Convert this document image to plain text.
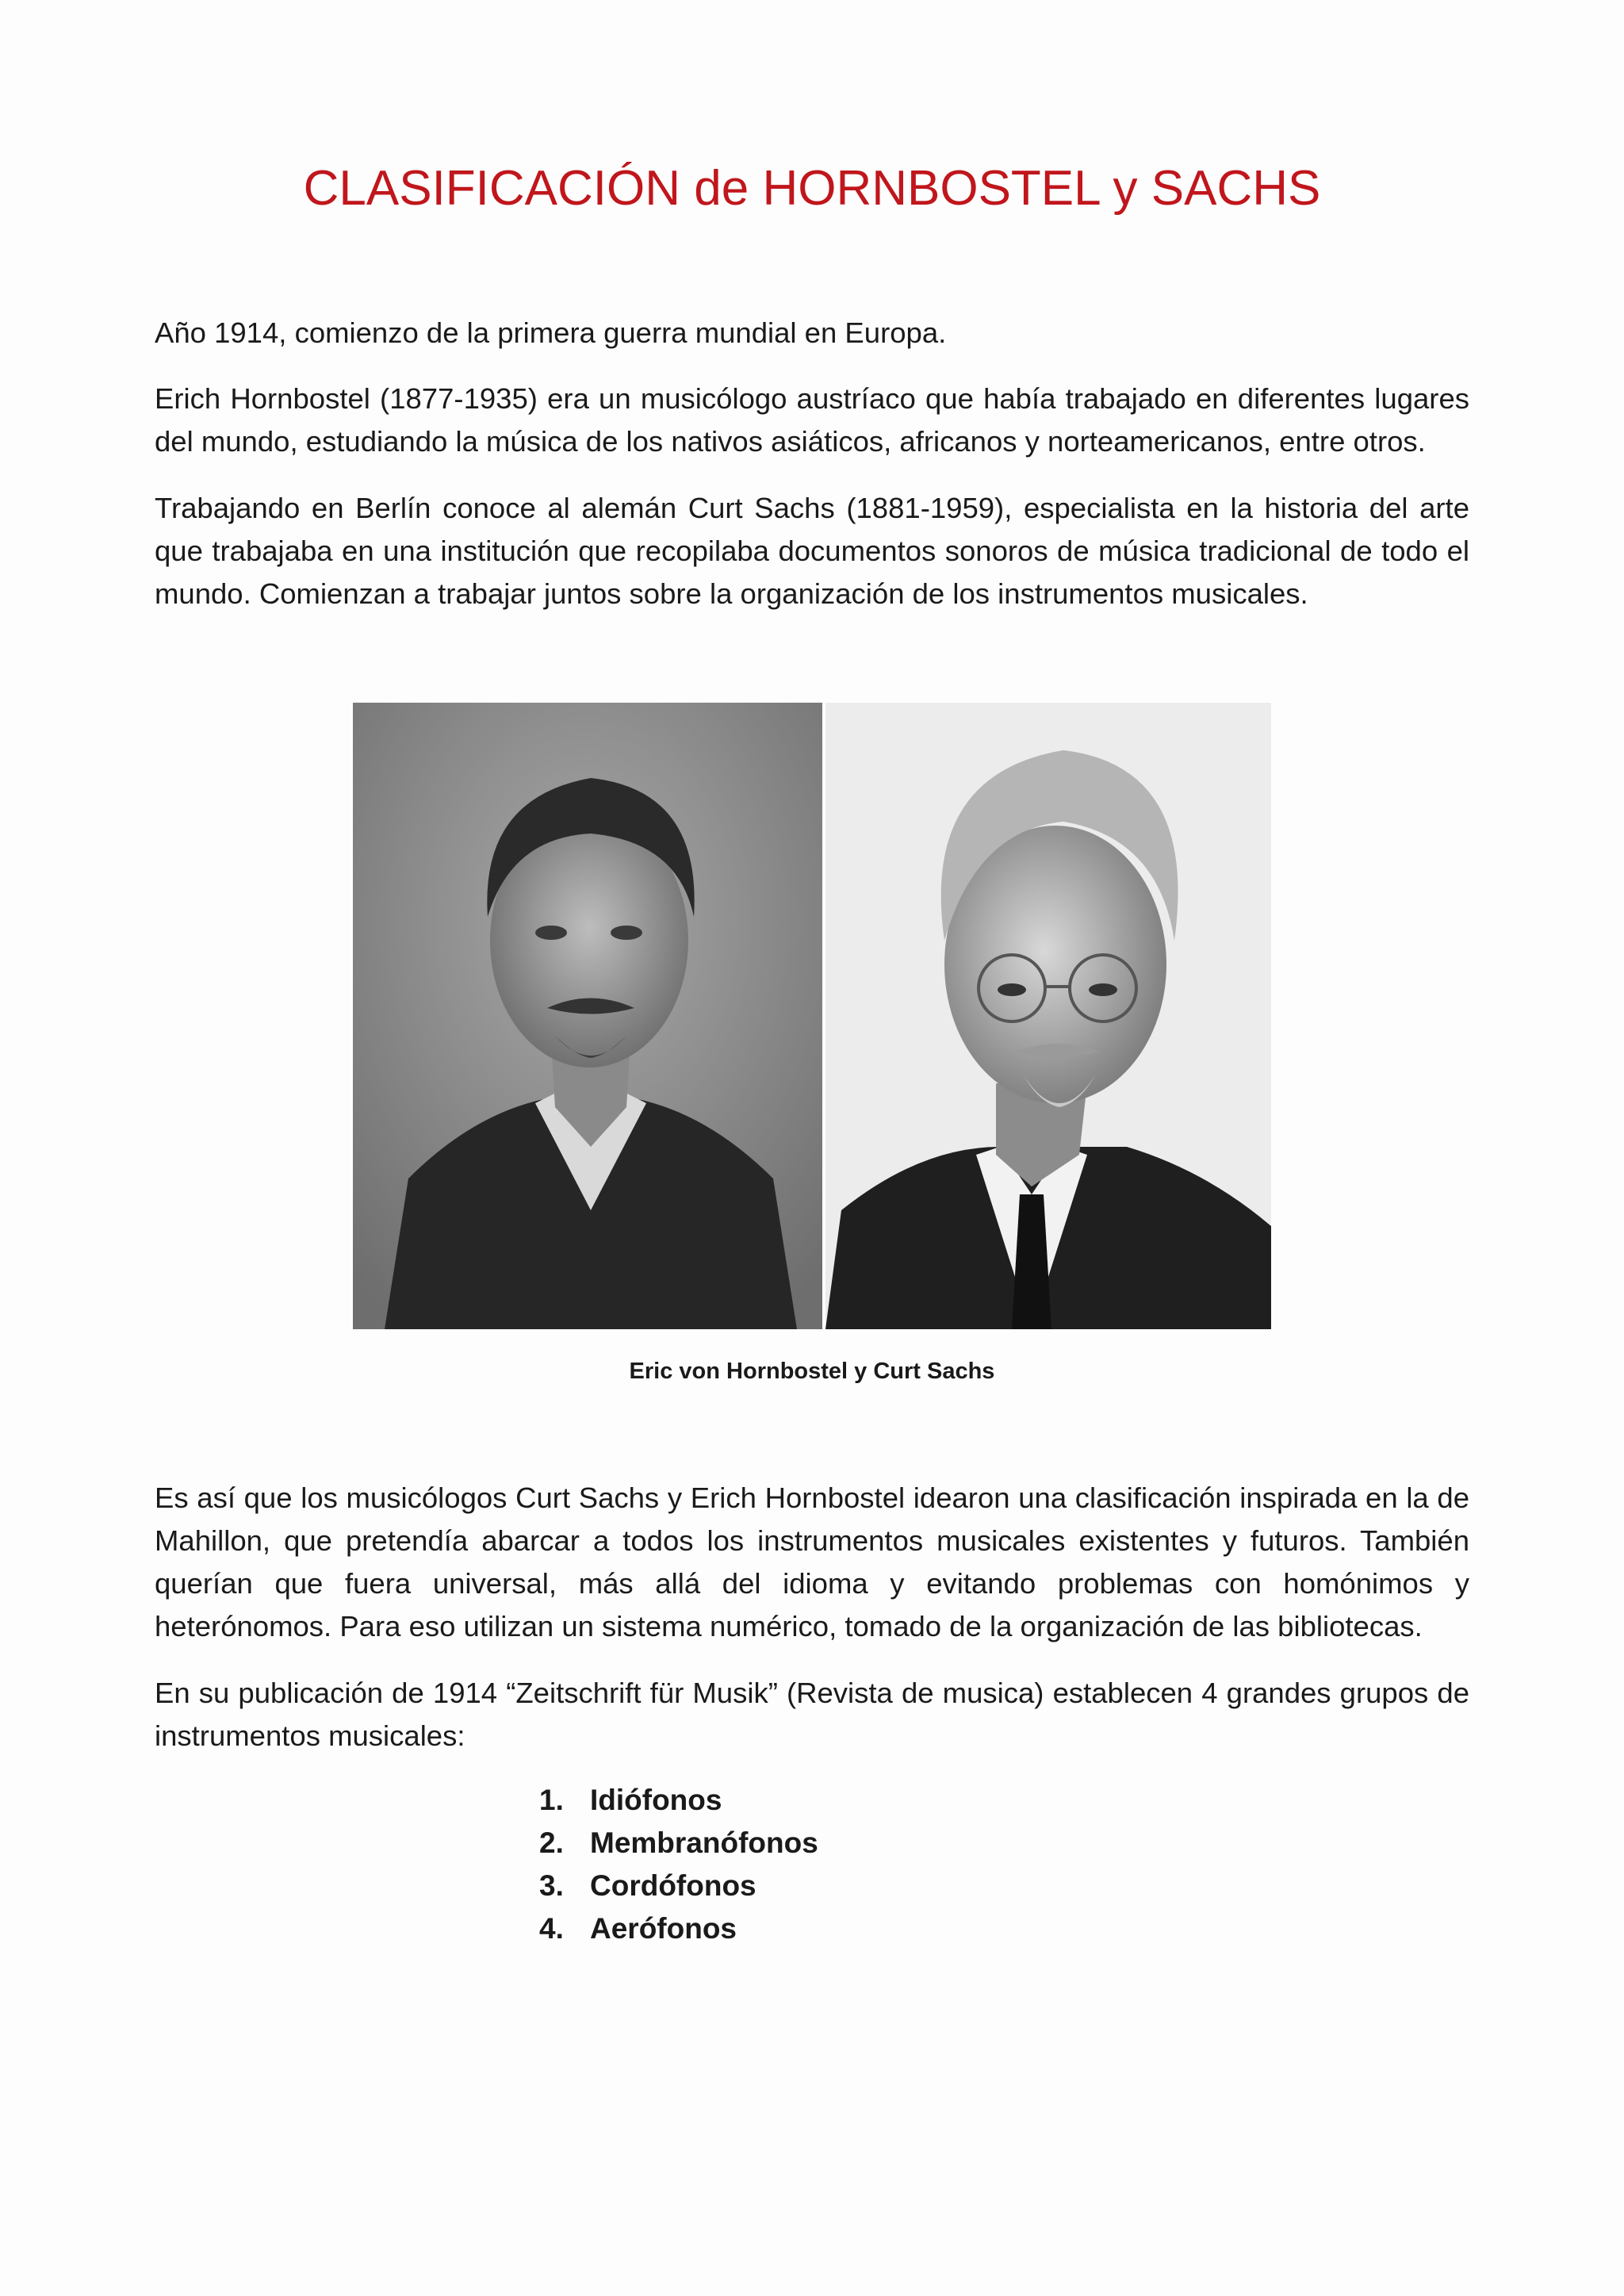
CLASIFICACIÓN de HORNBOSTEL y SACHS

Año 1914, comienzo de la primera guerra mundial en Europa.

Erich Hornbostel (1877-1935) era un musicólogo austríaco que había trabajado en diferentes lugares del mundo, estudiando la música de los nativos asiáticos, africanos y norteamericanos, entre otros.

Trabajando en Berlín conoce al alemán Curt Sachs (1881-1959), especialista en la historia del arte que trabajaba en una institución que recopilaba documentos sonoros de música tradicional de todo el mundo. Comienzan a trabajar juntos sobre la organización de los instrumentos musicales.

Eric von Hornbostel y Curt Sachs

Es así que los musicólogos Curt Sachs y Erich Hornbostel idearon una clasificación inspirada en la de Mahillon, que pretendía abarcar a todos los instrumentos musicales existentes y futuros. También querían que fuera universal, más allá del idioma y evitando problemas con homónimos y heterónomos. Para eso utilizan un sistema numérico, tomado de la organización de las bibliotecas.

En su publicación de 1914 “Zeitschrift für Musik” (Revista de musica) establecen 4 grandes grupos de instrumentos musicales:

1. Idiófonos
2. Membranófonos
3. Cordófonos
4. Aerófonos
